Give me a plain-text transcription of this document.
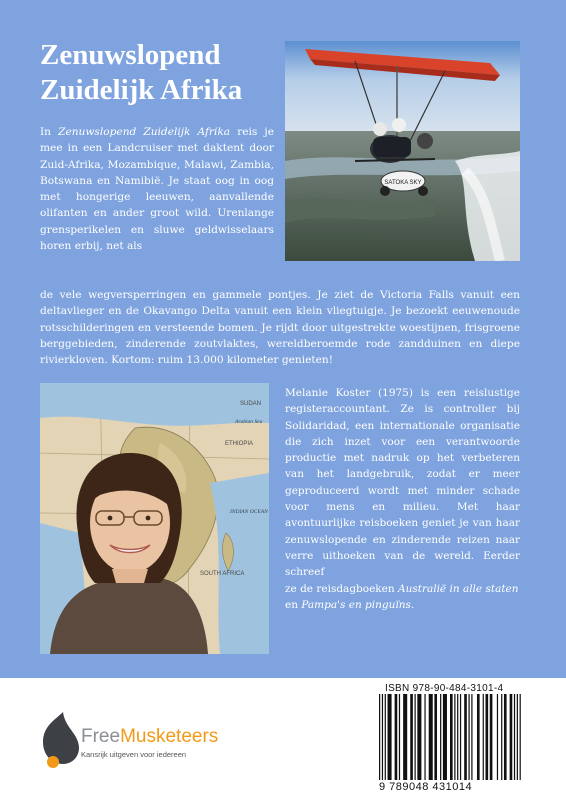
Zenuwslopend
Zuidelijk Afrika
SATOKA SKY

In Zenuwslopend Zuidelijk Afrika reis je mee in een Landcruiser met daktent door Zuid-Afrika, Mozambique, Malawi, Zambia, Botswana en Namibië. Je staat oog in oog met hongerige leeuwen, aanvallende olifanten en ander groot wild. Urenlange grensperikelen en sluwe geldwisselaars horen erbij, net als

de vele wegversperringen en gammele pontjes. Je ziet de Victoria Falls vanuit een deltavlieger en de Okavango Delta vanuit een klein vliegtuigje. Je bezoekt eeuwenoude rotsschilderingen en versteende bomen. Je rijdt door uitgestrekte woestijnen, frisgroene berggebieden, zinderende zoutvlaktes, wereldberoemde rode zandduinen en diepe rivierkloven. Kortom: ruim 13.000 kilometer genieten!

SUDAN
ETHIOPIA
SOUTH AFRICA
Arabian Sea
INDIAN OCEAN

Melanie Koster (1975) is een reislustige registeraccountant. Ze is controller bij Solidaridad, een internationale organisatie die zich inzet voor een verantwoorde productie met nadruk op het verbeteren van het landgebruik, zodat er meer geproduceerd wordt met minder schade voor mens en milieu. Met haar avontuurlijke reisboeken geniet je van haar zenuwslopende en zinderende reizen naar verre uithoeken van de wereld. Eerder schreef

ze de reisdagboeken Australië in alle staten
en Pampa's en pinguïns.

FreeMusketeers
Kansrijk uitgeven voor iedereen
ISBN 978-90-484-3101-4
9 789048 431014
